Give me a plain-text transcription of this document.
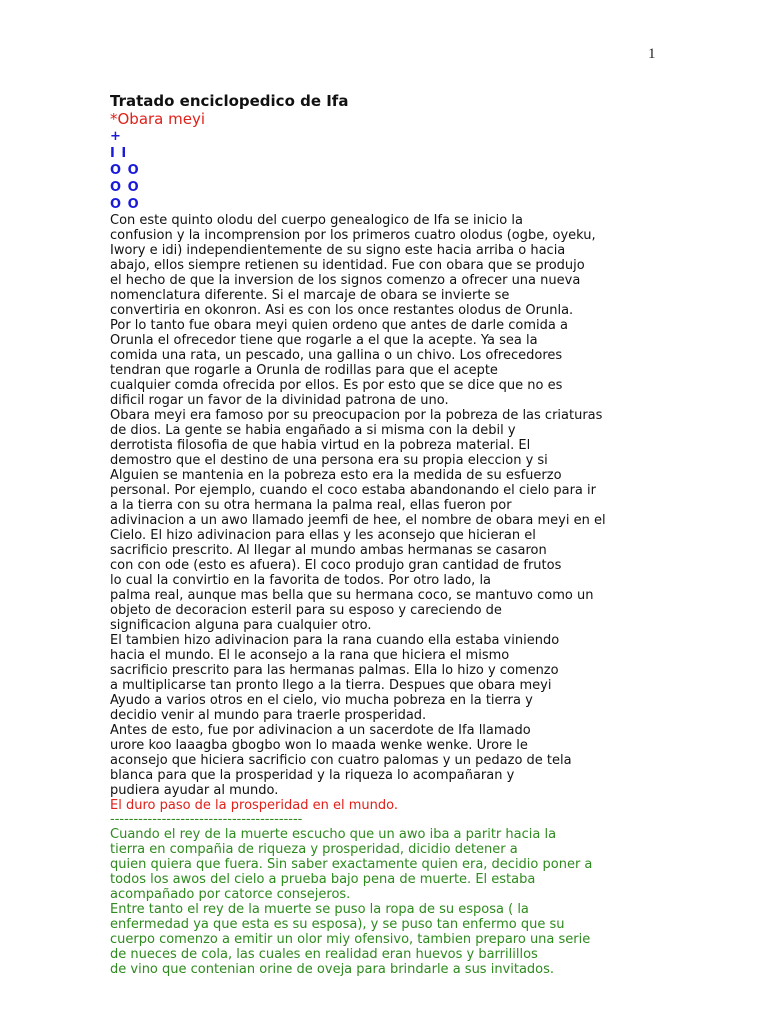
1
Tratado enciclopedico de Ifa
*Obara meyi
+
I I
O O
O O
O O
Con este quinto olodu del cuerpo genealogico de Ifa se inicio la
confusion y la incomprension por los primeros cuatro olodus (ogbe, oyeku,
Iwory e idi) independientemente de su signo este hacia arriba o hacia
abajo, ellos siempre retienen su identidad. Fue con obara que se produjo
el hecho de que la inversion de los signos comenzo a ofrecer una nueva
nomenclatura diferente. Si el marcaje de obara se invierte se
convertiria en okonron. Asi es con los once restantes olodus de Orunla.
Por lo tanto fue obara meyi quien ordeno que antes de darle comida a
Orunla el ofrecedor tiene que rogarle a el que la acepte. Ya sea la
comida una rata, un pescado, una gallina o un chivo. Los ofrecedores
tendran que rogarle a Orunla de rodillas para que el acepte
cualquier comda ofrecida por ellos. Es por esto que se dice que no es
dificil rogar un favor de la divinidad patrona de uno.
Obara meyi era famoso por su preocupacion por la pobreza de las criaturas
de dios. La gente se habia engañado a si misma con la debil y
derrotista filosofia de que habia virtud en la pobreza material. El
demostro que el destino de una persona era su propia eleccion y si
Alguien se mantenia en la pobreza esto era la medida de su esfuerzo
personal. Por ejemplo, cuando el coco estaba abandonando el cielo para ir
a la tierra con su otra hermana la palma real, ellas fueron por
adivinacion a un awo llamado jeemfi de hee, el nombre de obara meyi en el
Cielo. El hizo adivinacion para ellas y les aconsejo que hicieran el
sacrificio prescrito. Al llegar al mundo ambas hermanas se casaron
con con ode (esto es afuera). El coco produjo gran cantidad de frutos
lo cual la convirtio en la favorita de todos. Por otro lado, la
palma real, aunque mas bella que su hermana coco, se mantuvo como un
objeto de decoracion esteril para su esposo y careciendo de
significacion alguna para cualquier otro.
El tambien hizo adivinacion para la rana cuando ella estaba viniendo
hacia el mundo. El le aconsejo a la rana que hiciera el mismo
sacrificio prescrito para las hermanas palmas. Ella lo hizo y comenzo
a multiplicarse tan pronto llego a la tierra. Despues que obara meyi
Ayudo a varios otros en el cielo, vio mucha pobreza en la tierra y
decidio venir al mundo para traerle prosperidad.
Antes de esto, fue por adivinacion a un sacerdote de Ifa llamado
urore koo laaagba gbogbo won lo maada wenke wenke. Urore le
aconsejo que hiciera sacrificio con cuatro palomas y un pedazo de tela
blanca para que la prosperidad y la riqueza lo acompañaran y
pudiera ayudar al mundo.
El duro paso de la prosperidad en el mundo.
-----------------------------------------
Cuando el rey de la muerte escucho que un awo iba a paritr hacia la
tierra en compañia de riqueza y prosperidad, dicidio detener a
quien quiera que fuera. Sin saber exactamente quien era, decidio poner a
todos los awos del cielo a prueba bajo pena de muerte. El estaba
acompañado por catorce consejeros.
Entre tanto el rey de la muerte se puso la ropa de su esposa ( la
enfermedad ya que esta es su esposa), y se puso tan enfermo que su
cuerpo comenzo a emitir un olor miy ofensivo, tambien preparo una serie
de nueces de cola, las cuales en realidad eran huevos y barrilillos
de vino que contenian orine de oveja para brindarle a sus invitados.
